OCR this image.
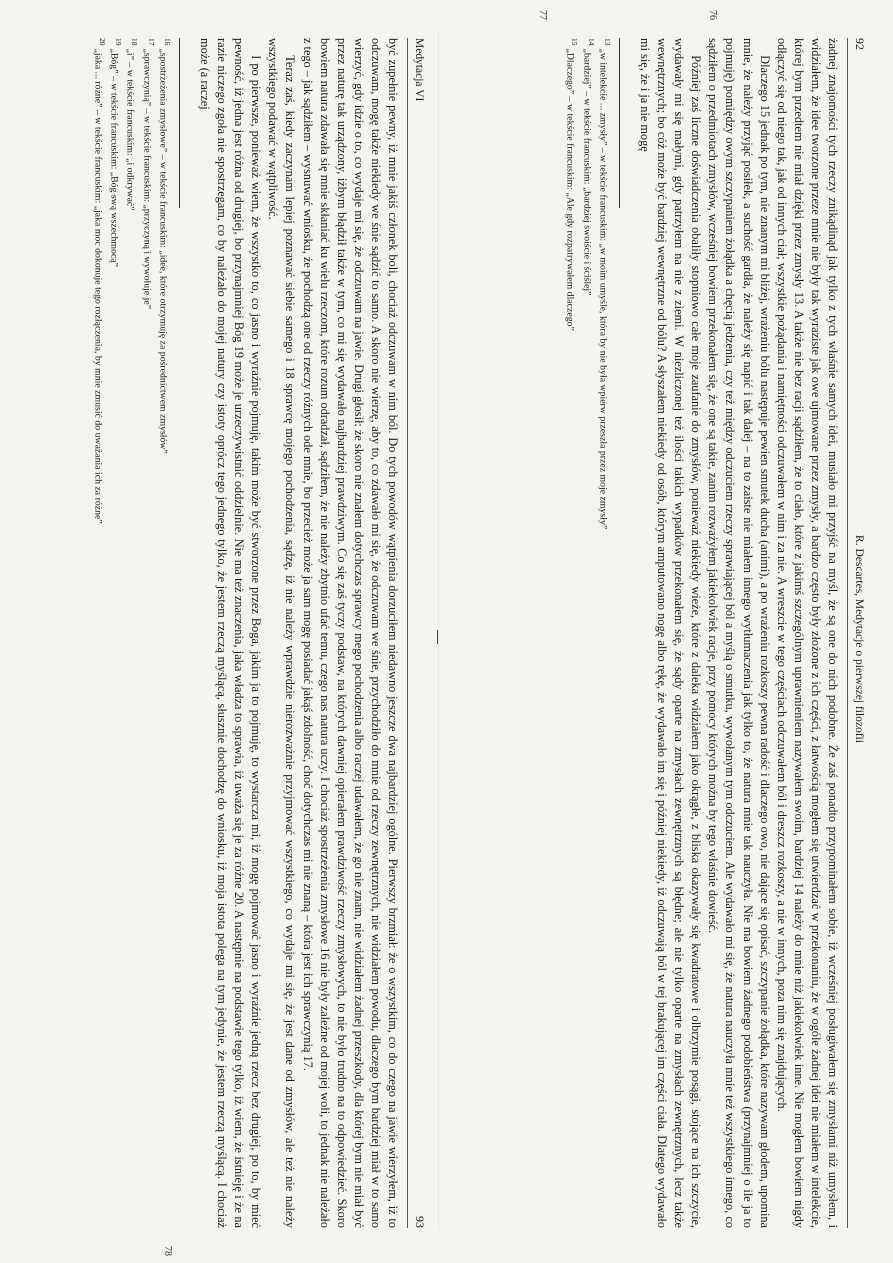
92
R. Descartes, Medytacje o pierwszej filozofii
76
77

żadnej znajomości tych rzeczy znikądinąd jak tylko z tych właśnie samych idei, musiało mi przyjść na myśl, że są one do nich podobne. Że zaś ponadto przypominałem sobie, iż wcześniej posługiwałem się zmysłami niż umysłem, i widziałem, że idee tworzone przeze mnie nie były tak wyraziste jak owe ujmowane przez zmysły, a bardzo często były złożone z ich części, z łatwością mogłem się utwierdzać w przekonaniu, że w ogóle żadnej idei nie miałem w intelekcie, której bym przedtem nie miał dzięki przez zmysły 13. A także nie bez racji sądziłem, że to ciało, które z jakimś szczególnym uprawnieniem nazywałem swoim, bardziej 14 należy do mnie niż jakiekolwiek inne. Nie mogłem bowiem nigdy odłączyć się od niego tak, jak od innych ciał; wszystkie pożądania i namiętności odczuwałem w nim i za nie. A wreszcie w tego częściach odczuwałem ból i dreszcz rozkoszy, a nie w innych, poza nim się znajdujących.

Dlaczego 15 jednak po tym, nie znanym mi bliżej, wrażeniu bólu następuje pewien smutek ducha (animi), a po wrażeniu rozkoszy pewna radość i dlaczego owo, nie dające się opisać, szczypanie żołądka, które nazywam głodem, upomina mnie, że należy przyjąć posiłek, a suchość gardła, że należy się napić i tak dalej – na to zaiste nie miałem innego wytłumaczenia jak tylko to, że natura mnie tak nauczyła. Nie ma bowiem żadnego podobieństwa (przynajmniej o ile ja to pojmuję) pomiędzy owym szczypaniem żołądka a chęcią jedzenia, czy też między odczuciem rzeczy sprawiającej ból a myślą o smutku, wywołanym tym odczuciem. Ale wydawało mi się, że natura nauczyła mnie też wszystkiego innego, co sądziłem o przedmiotach zmysłów, wcześniej bowiem przekonałem się, że one są takie, zanim rozważyłem jakiekolwiek racje, przy pomocy których można by tego właśnie dowieść.

Później zaś liczne doświadczenia obaliły stopniowo całe moje zaufanie do zmysłów, ponieważ niekiedy wieże, które z daleka widziałem jako okrągłe, z bliska okazywały się kwadratowe i olbrzymie posągi, stojące na ich szczycie, wydawały mi się małymi, gdy patrzyłem na nie z ziemi. W niezliczonej też ilości takich wypadków przekonałem się, że sądy oparte na zmysłach zewnętrznych są błędne; ale nie tylko oparte na zmysłach zewnętrznych, lecz także wewnętrznych; bo cóż może być bardziej wewnętrzne od bólu? A słyszałem niekiedy od osób, którym amputowano nogę albo rękę, że wydawało im się i później niekiedy, iż odczuwają ból w tej brakującej im części ciała. Dlatego wydawało mi się, że i ja nie mogę

$^{13}$„w intelekcie ... zmysły” – w tekście francuskim: „w moim umyśle, która by nie była wpierw przeszła przez moje zmysły”

$^{14}$„bardziej” – w tekście francuskim: „bardziej swoiście i ściślej”

$^{15}$„Dlaczego” – w tekście francuskim: „Ale gdy rozpatrywałem dlaczego”

Medytacja VI
93
78

być zupełnie pewny, iż mnie jakiś członek boli, chociaż odczuwam w nim ból. Do tych powodów wątpienia dorzuciłem niedawno jeszcze dwa najbardziej ogólne. Pierwszy brzmiał: że o wszystkim, co do czego na jawie wierzyłem, iż to odczuwam, mogę także niekiedy we śnie sądzić to samo. A skoro nie wierzę, aby to, co zdawało mi się, że odczuwam we śnie, przychodziło do mnie od rzeczy zewnętrznych, nie widziałem powodu, dlaczego bym bardziej miał w to samo wierzyć, gdy idzie o to, co wydaje mi się, że odczuwam na jawie. Drugi głosił: że skoro nie znałem dotychczas sprawcy mego pochodzenia albo raczej udawałem, że go nie znam, nie widziałem żadnej przeszkody, dla której bym nie miał być przez naturę tak urządzony, iżbym błądził także w tym, co mi się wydawało najbardziej prawdziwym. Co się zaś tyczy podstaw, na których dawniej opierałem prawdziwość rzeczy zmysłowych, to nie było trudno na to odpowiedzieć. Skoro bowiem natura zdawała się mnie skłaniać ku wielu rzeczom, które rozum odradzał, sądziłem, że nie należy zbytnio ufać temu, czego nas natura uczy. I chociaż spostrzeżenia zmysłowe 16 nie były zależne od mojej woli, to jednak nie należało z tego – jak sądziłem – wysnuwać wniosku, że pochodzą one od rzeczy różnych ode mnie, bo przecież może ja sam mogę posiadać jakąś zdolność, choć dotychczas mi nie znaną – która jest ich sprawczynią 17.

Teraz zaś, kiedy zaczynam lepiej poznawać siebie samego i 18 sprawcę mojego pochodzenia, sądzę, iż nie należy wprawdzie nierozważnie przyjmować wszystkiego, co wydaje mi się, że jest dane od zmysłów, ale też nie należy wszystkiego podawać w wątpliwość.

I po pierwsze, ponieważ wiem, że wszystko to, co jasno i wyraźnie pojmuję, takim może być stworzone przez Boga, jakim ja to pojmuję, to wystarcza mi, iż mogę pojmować jasno i wyraźnie jedną rzecz bez drugiej, po to, by mieć pewność, iż jedna jest różna od drugiej, bo przynajmniej Bóg 19 może je urzeczywistnić oddzielnie. Nie ma też znaczenia, jaka władza to sprawia, iż uważa się je za różne 20. A następnie na podstawie tego tylko, iż wiem, że istnieję i że na razie niczego zgoła nie spostrzegam, co by należało do mojej natury czy istoty oprócz tego jednego tylko, że jestem rzeczą myślącą, słusznie dochodzę do wniosku, iż moja istota polega na tym jedynie, że jestem rzeczą myślącą. I chociaż może (a raczej

$^{16}$„spostrzeżenia zmysłowe” – w tekście francuskim: „idee, które otrzymuję za pośrednictwem zmysłów”

$^{17}$„sprawczynią” – w tekście francuskim: „przyczyną i wywołuje je”

$^{18}$„i” – w tekście francuskim: „i odkrywać”

$^{19}$„Bóg” – w tekście francuskim: „Bóg swą wszechmocą”

$^{20}$„jaka ... różne” – w tekście francuskim: „jaka moc dokonuje tego rozłączenia, by mnie zmusić do uważania ich za różne”
